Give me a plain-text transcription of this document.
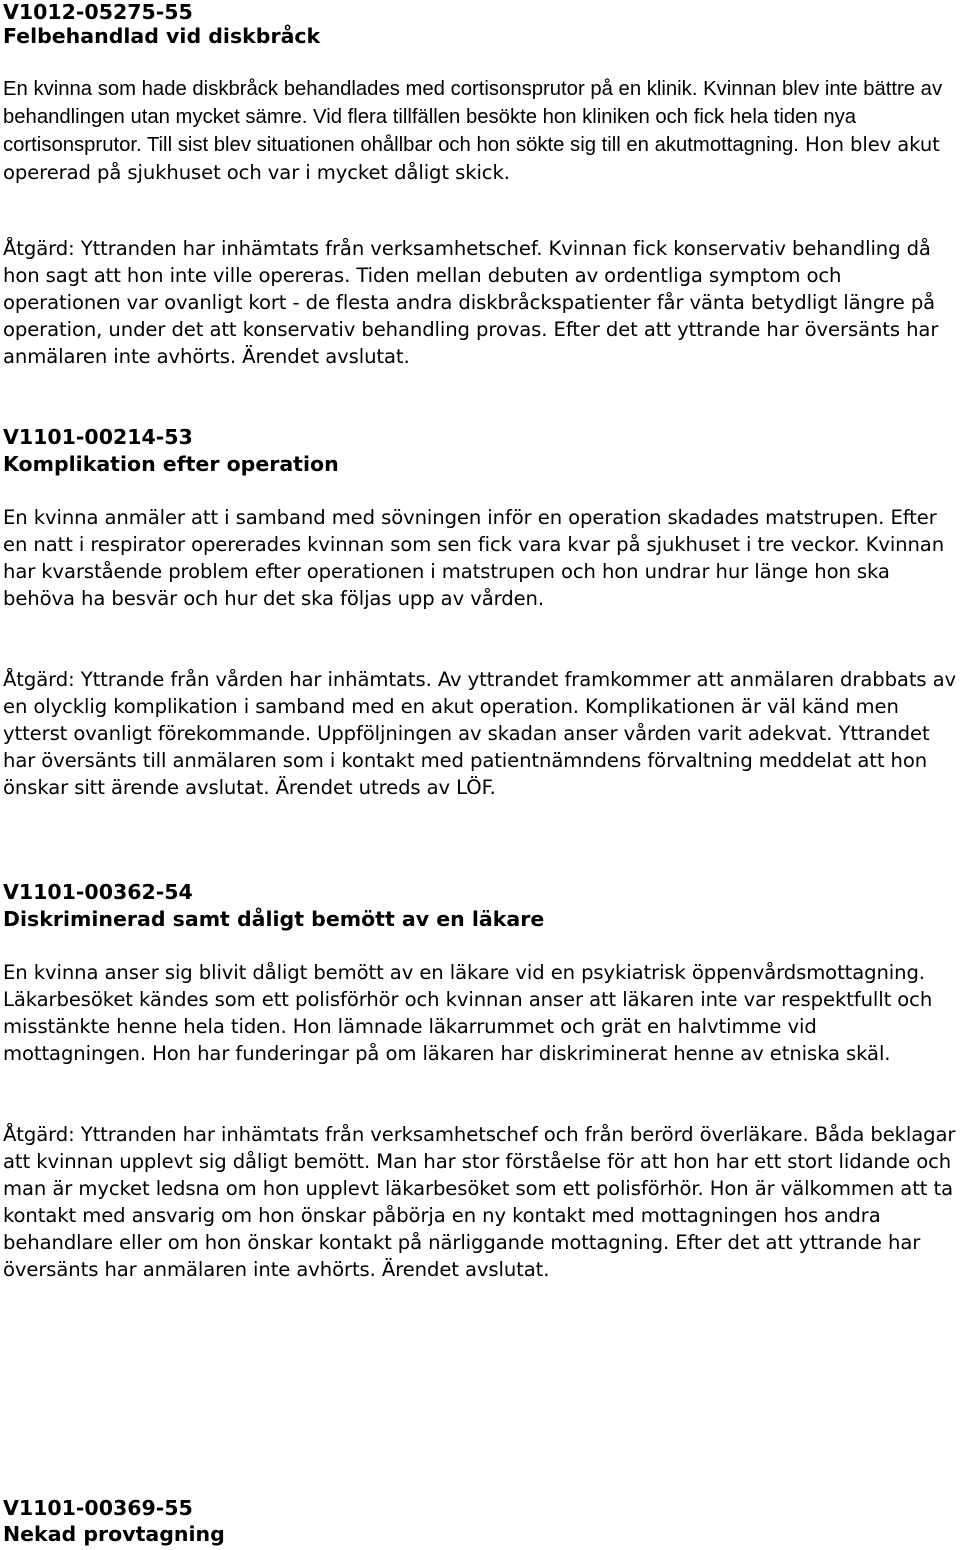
V1012-05275-55
Felbehandlad vid diskbråck

En kvinna som hade diskbråck behandlades med cortisonsprutor på en klinik. Kvinnan blev inte bättre av behandlingen utan mycket sämre. Vid flera tillfällen besökte hon kliniken och fick hela tiden nya cortisonsprutor. Till sist blev situationen ohållbar och hon sökte sig till en akutmottagning. Hon blev akut opererad på sjukhuset och var i mycket dåligt skick.

Åtgärd: Yttranden har inhämtats från verksamhetschef. Kvinnan fick konservativ behandling då hon sagt att hon inte ville opereras. Tiden mellan debuten av ordentliga symptom och operationen var ovanligt kort - de flesta andra diskbråckspatienter får vänta betydligt längre på operation, under det att konservativ behandling provas. Efter det att yttrande har översänts har anmälaren inte avhörts. Ärendet avslutat.

V1101-00214-53
Komplikation efter operation

En kvinna anmäler att i samband med sövningen inför en operation skadades matstrupen. Efter en natt i respirator opererades kvinnan som sen fick vara kvar på sjukhuset i tre veckor. Kvinnan har kvarstående problem efter operationen i matstrupen och hon undrar hur länge hon ska behöva ha besvär och hur det ska följas upp av vården.

Åtgärd: Yttrande från vården har inhämtats. Av yttrandet framkommer att anmälaren drabbats av en olycklig komplikation i samband med en akut operation. Komplikationen är väl känd men ytterst ovanligt förekommande. Uppföljningen av skadan anser vården varit adekvat. Yttrandet har översänts till anmälaren som i kontakt med patientnämndens förvaltning meddelat att hon önskar sitt ärende avslutat. Ärendet utreds av LÖF.

V1101-00362-54
Diskriminerad samt dåligt bemött av en läkare

En kvinna anser sig blivit dåligt bemött av en läkare vid en psykiatrisk öppenvårdsmottagning. Läkarbesöket kändes som ett polisförhör och kvinnan anser att läkaren inte var respektfullt och misstänkte henne hela tiden. Hon lämnade läkarrummet och grät en halvtimme vid mottagningen. Hon har funderingar på om läkaren har diskriminerat henne av etniska skäl.

Åtgärd: Yttranden har inhämtats från verksamhetschef och från berörd överläkare. Båda beklagar att kvinnan upplevt sig dåligt bemött. Man har stor förståelse för att hon har ett stort lidande och man är mycket ledsna om hon upplevt läkarbesöket som ett polisförhör. Hon är välkommen att ta kontakt med ansvarig om hon önskar påbörja en ny kontakt med mottagningen hos andra behandlare eller om hon önskar kontakt på närliggande mottagning. Efter det att yttrande har översänts har anmälaren inte avhörts. Ärendet avslutat.

V1101-00369-55
Nekad provtagning
